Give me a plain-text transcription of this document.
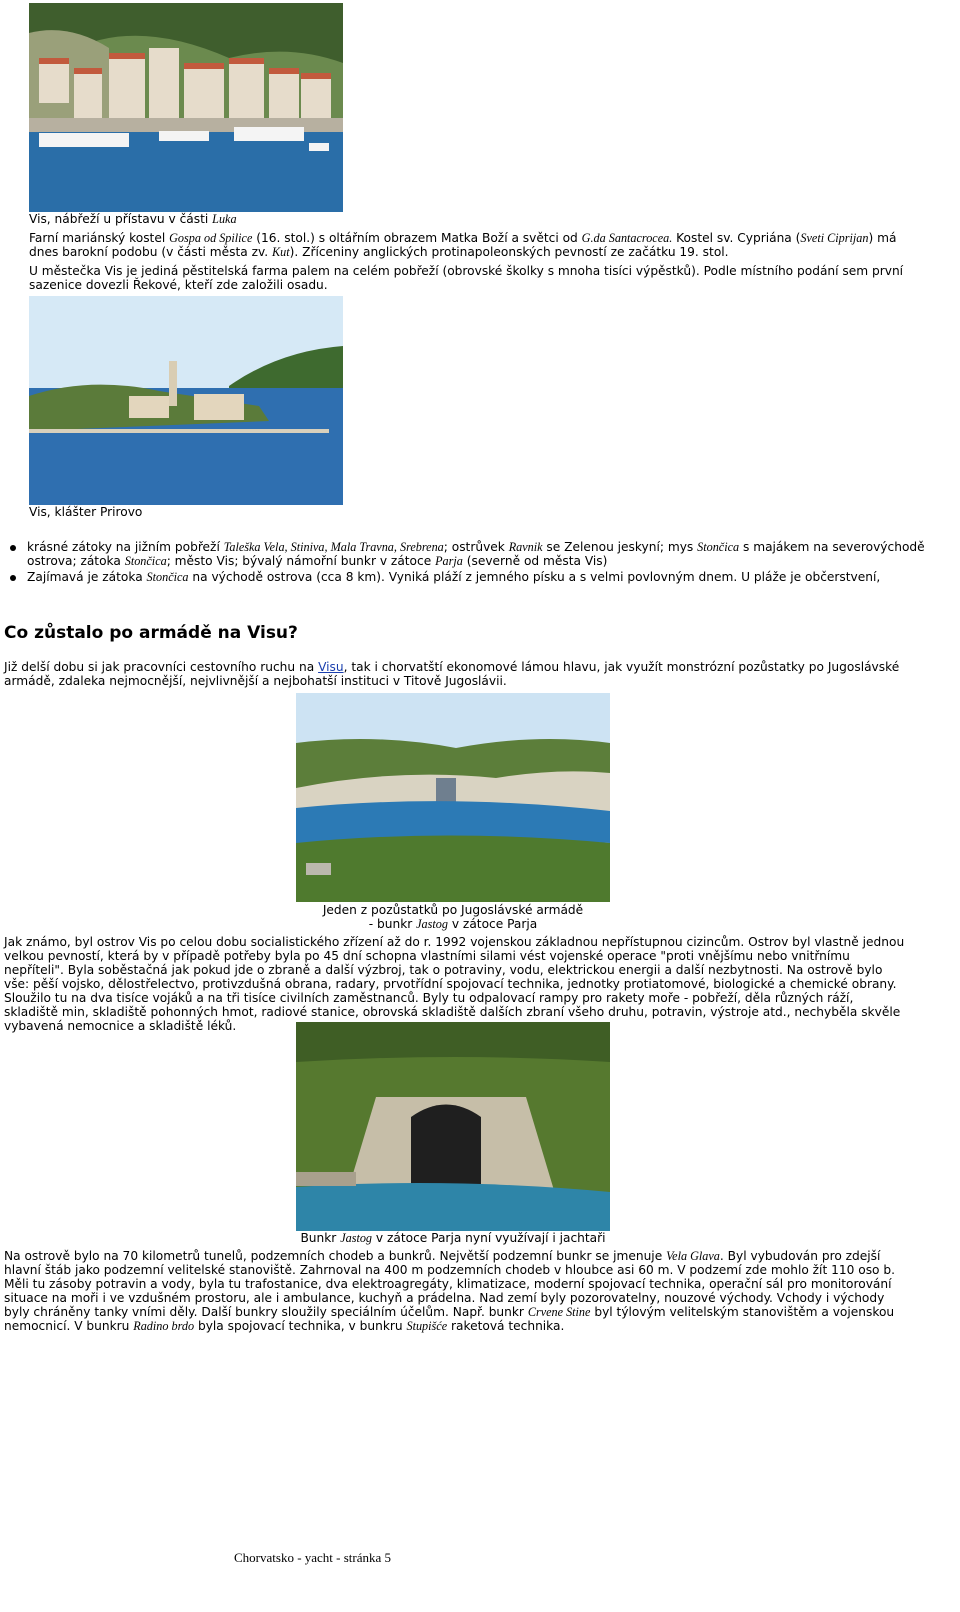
Vis, nábřeží u přístavu v části Luka

Farní mariánský kostel Gospa od Spilice (16. stol.) s oltářním obrazem Matka Boží a světci od G.da Santacrocea. Kostel sv. Cypriána (Sveti Ciprijan) má dnes barokní podobu (v části města zv. Kut). Zříceniny anglických protinapoleonských pevností ze začátku 19. stol.

U městečka Vis je jediná pěstitelská farma palem na celém pobřeží (obrovské školky s mnoha tisíci výpěstků). Podle místního podání sem první sazenice dovezli Řekové, kteří zde založili osadu.

Vis, klášter Prirovo
krásné zátoky na jižním pobřeží Taleška Vela, Stiniva, Mala Travna, Srebrena; ostrůvek Ravnik se Zelenou jeskyní; mys Stončica s majákem na severovýchodě ostrova; zátoka Stončica; město Vis; bývalý námořní bunkr v zátoce Parja (severně od města Vis)
Zajímavá je zátoka Stončica na východě ostrova (cca 8 km). Vyniká pláží z jemného písku a s velmi povlovným dnem. U pláže je občerstvení,
Co zůstalo po armádě na Visu?

Již delší dobu si jak pracovníci cestovního ruchu na Visu, tak i chorvatští ekonomové lámou hlavu, jak využít monstrózní pozůstatky po Jugoslávské armádě, zdaleka nejmocnější, nejvlivnější a nejbohatší instituci v Titově Jugoslávii.

Jeden z pozůstatků po Jugoslávské armádě
- bunkr Jastog v zátoce Parja

Jak známo, byl ostrov Vis po celou dobu socialistického zřízení až do r. 1992 vojenskou základnou nepřístupnou cizincům. Ostrov byl vlastně jednou velkou pevností, která by v případě potřeby byla po 45 dní schopna vlastními silami vést vojenské operace "proti vnějšímu nebo vnitřnímu nepříteli". Byla soběstačná jak pokud jde o zbraně a další výzbroj, tak o potraviny, vodu, elektrickou energii a další nezbytnosti. Na ostrově bylo vše: pěší vojsko, dělostřelectvo, protivzdušná obrana, radary, prvotřídní spojovací technika, jednotky protiatomové, biologické a chemické obrany. Sloužilo tu na dva tisíce vojáků a na tři tisíce civilních zaměstnanců. Byly tu odpalovací rampy pro rakety moře - pobřeží, děla různých ráží, skladiště min, skladiště pohonných hmot, radiové stanice, obrovská skladiště dalších zbraní všeho druhu, potravin, výstroje atd., nechyběla skvěle vybavená nemocnice a skladiště léků.

Bunkr Jastog v zátoce Parja nyní využívají i jachtaři

Na ostrově bylo na 70 kilometrů tunelů, podzemních chodeb a bunkrů. Největší podzemní bunkr se jmenuje Vela Glava. Byl vybudován pro zdejší hlavní štáb jako podzemní velitelské stanoviště. Zahrnoval na 400 m podzemních chodeb v hloubce asi 60 m. V podzemí zde mohlo žít 110 oso b. Měli tu zásoby potravin a vody, byla tu trafostanice, dva elektroagregáty, klimatizace, moderní spojovací technika, operační sál pro monitorování situace na moři i ve vzdušném prostoru, ale i ambulance, kuchyň a prádelna. Nad zemí byly pozorovatelny, nouzové východy. Vchody i východy byly chráněny tanky vními děly. Další bunkry sloužily speciálním účelům. Např. bunkr Crvene Stine byl týlovým velitelským stanovištěm a vojenskou nemocnicí. V bunkru Radino brdo byla spojovací technika, v bunkru Stupišće raketová technika.

Chorvatsko - yacht - stránka 5
